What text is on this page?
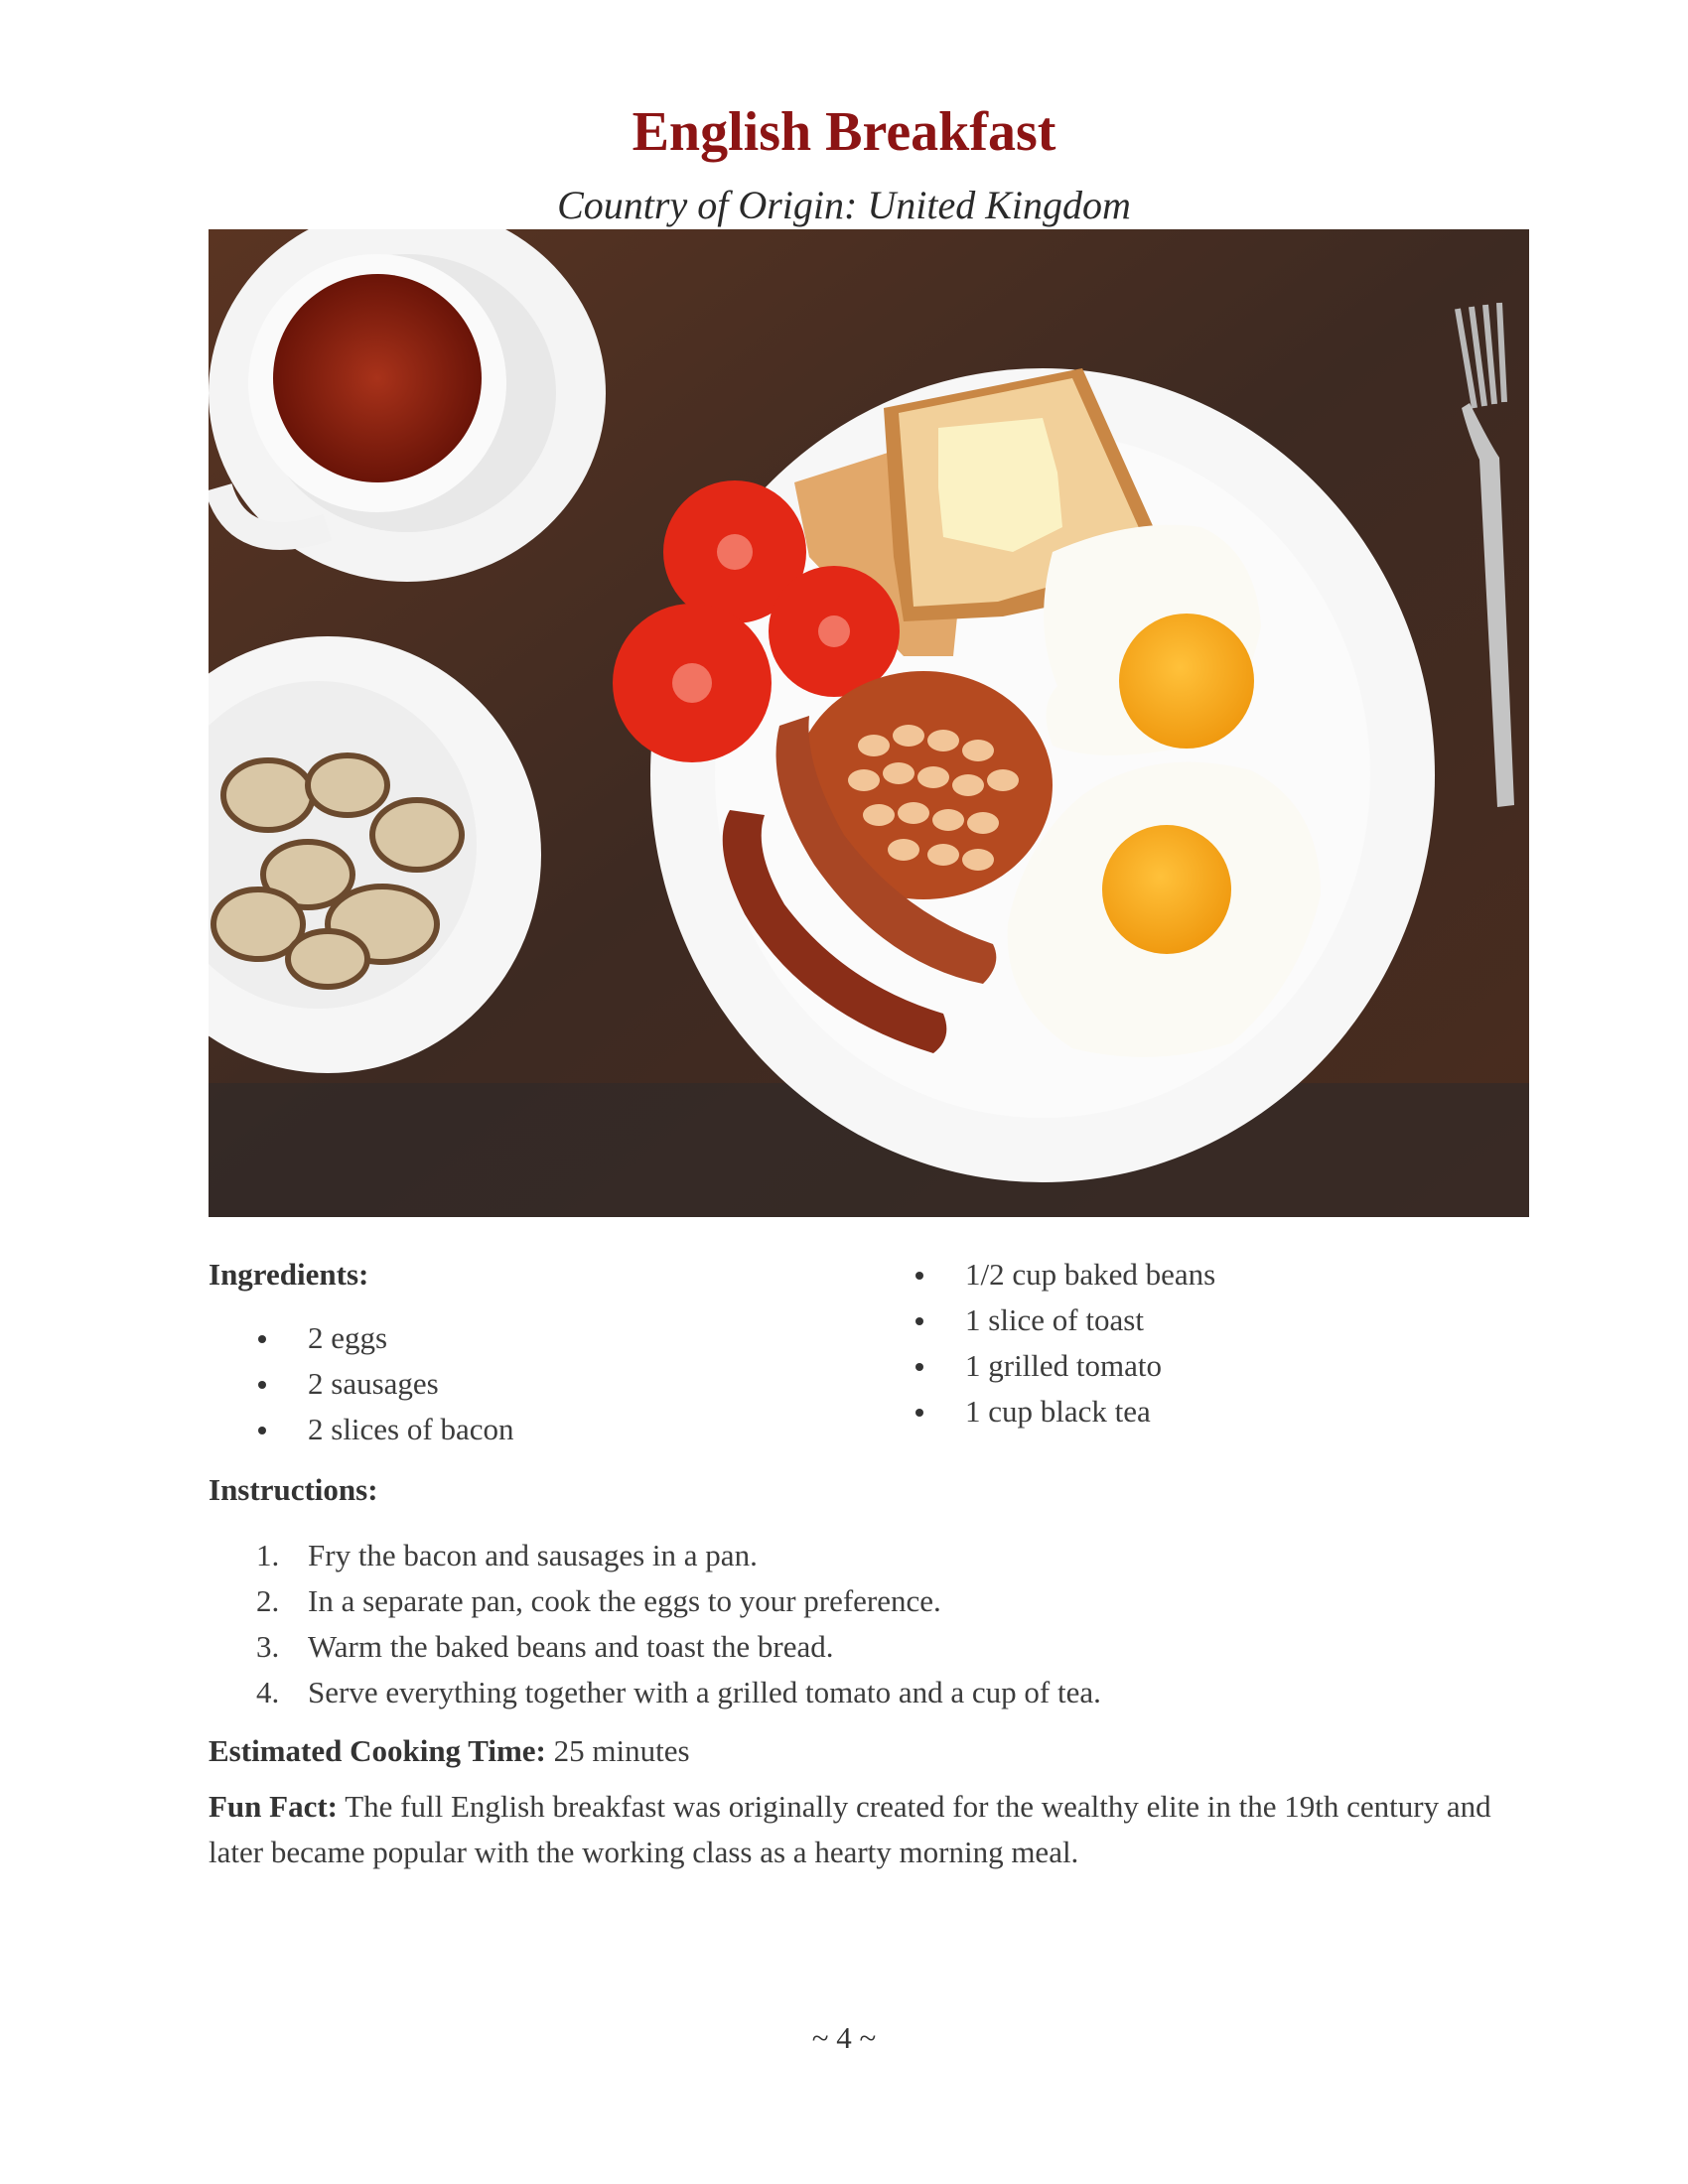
English Breakfast
Country of Origin: United Kingdom
Ingredients:
2 eggs
2 sausages
2 slices of bacon
1/2 cup baked beans
1 slice of toast
1 grilled tomato
1 cup black tea
Instructions:
1. Fry the bacon and sausages in a pan.
2. In a separate pan, cook the eggs to your preference.
3. Warm the baked beans and toast the bread.
4. Serve everything together with a grilled tomato and a cup of tea.
Estimated Cooking Time: 25 minutes
Fun Fact: The full English breakfast was originally created for the wealthy elite in the 19th century and later became popular with the working class as a hearty morning meal.
~ 4 ~
